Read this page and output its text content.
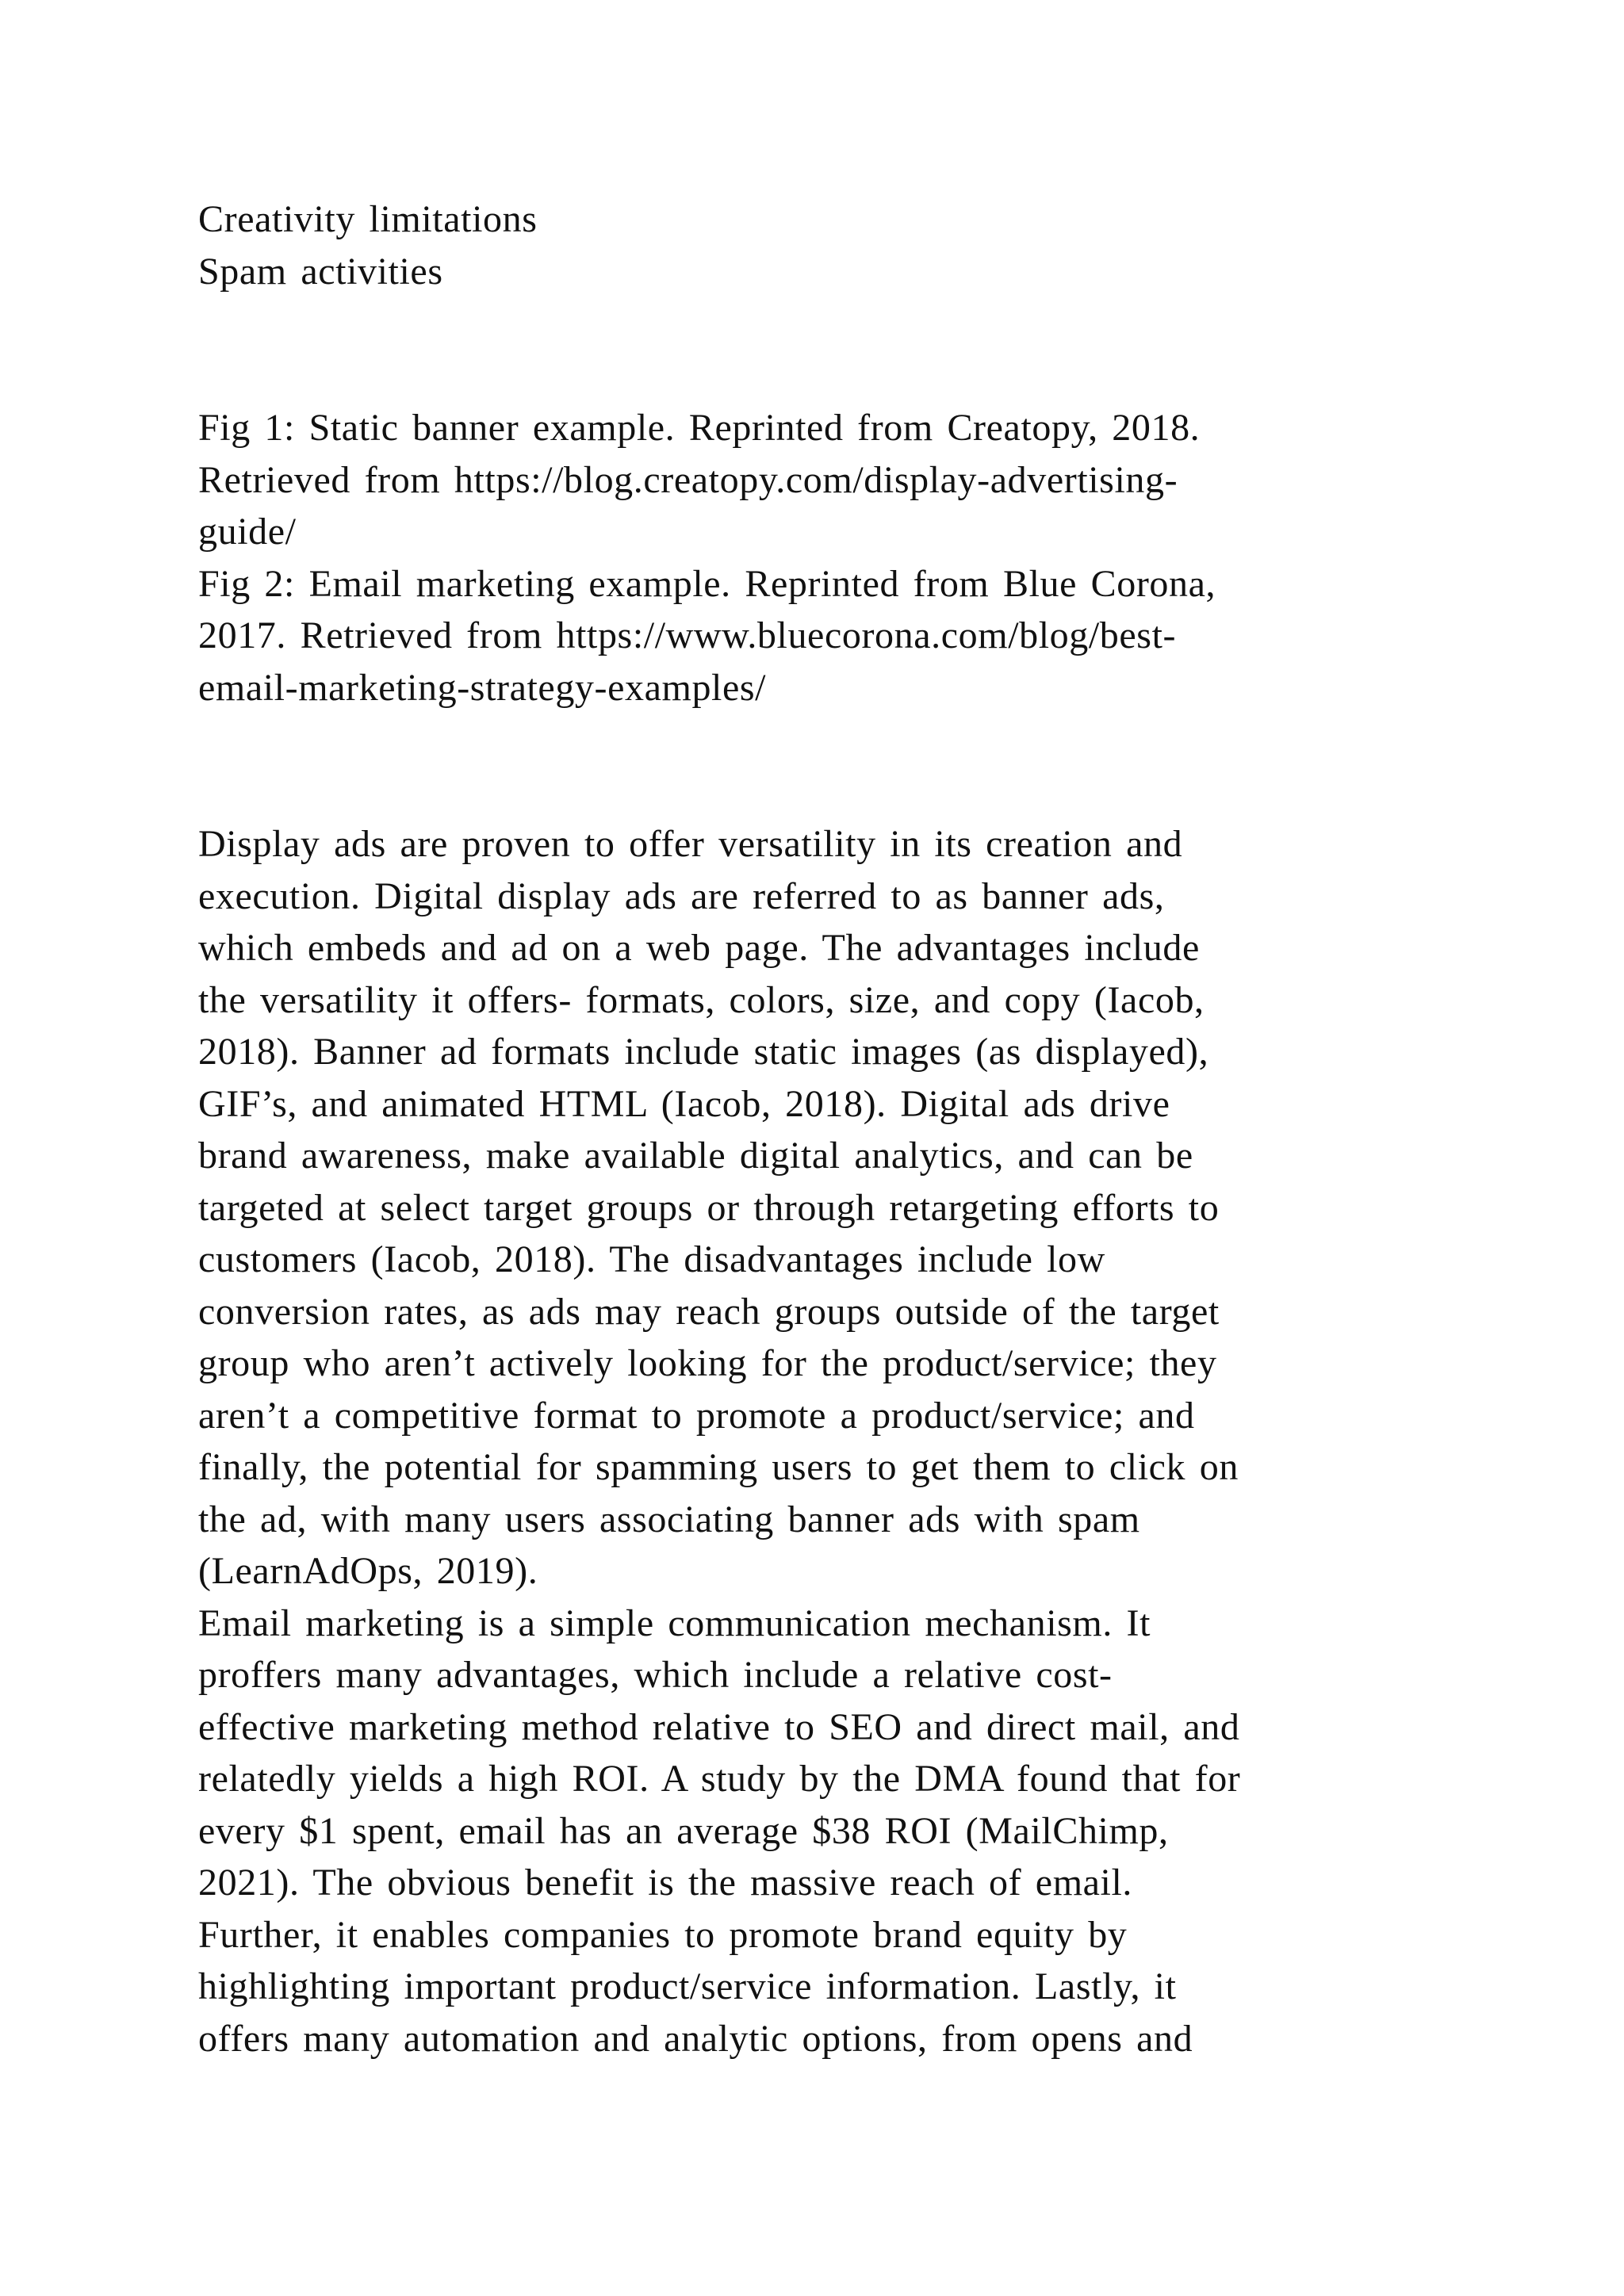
Creativity limitations
Spam activities
Fig 1: Static banner example. Reprinted from Creatopy, 2018.
Retrieved from https://blog.creatopy.com/display-advertising-
guide/
Fig 2: Email marketing example. Reprinted from Blue Corona,
2017. Retrieved from https://www.bluecorona.com/blog/best-
email-marketing-strategy-examples/
Display ads are proven to offer versatility in its creation and
execution. Digital display ads are referred to as banner ads,
which embeds and ad on a web page. The advantages include
the versatility it offers- formats, colors, size, and copy (Iacob,
2018). Banner ad formats include static images (as displayed),
GIF’s, and animated HTML (Iacob, 2018). Digital ads drive
brand awareness, make available digital analytics, and can be
targeted at select target groups or through retargeting efforts to
customers (Iacob, 2018). The disadvantages include low
conversion rates, as ads may reach groups outside of the target
group who aren’t actively looking for the product/service; they
aren’t a competitive format to promote a product/service; and
finally, the potential for spamming users to get them to click on
the ad, with many users associating banner ads with spam
(LearnAdOps, 2019).
Email marketing is a simple communication mechanism. It
proffers many advantages, which include a relative cost-
effective marketing method relative to SEO and direct mail, and
relatedly yields a high ROI. A study by the DMA found that for
every $1 spent, email has an average $38 ROI (MailChimp,
2021). The obvious benefit is the massive reach of email.
Further, it enables companies to promote brand equity by
highlighting important product/service information. Lastly, it
offers many automation and analytic options, from opens and
